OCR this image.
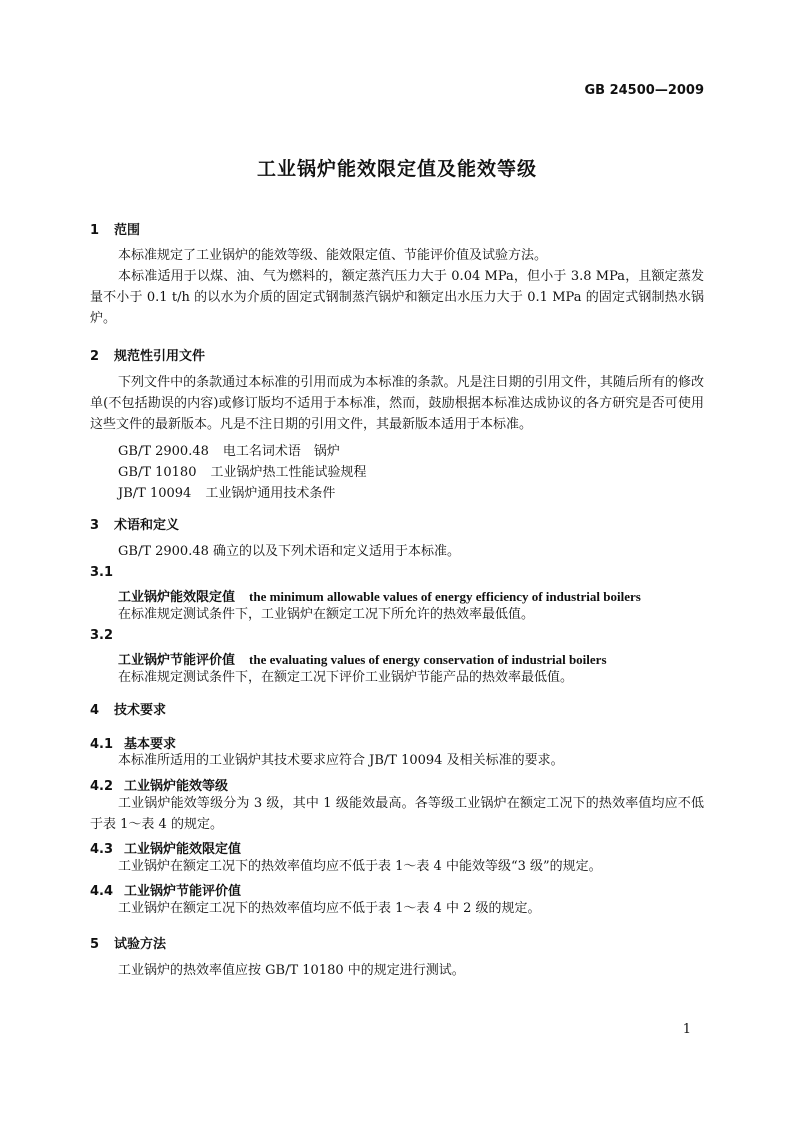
GB 24500—2009
工业锅炉能效限定值及能效等级
1 范围
本标准规定了工业锅炉的能效等级、能效限定值、节能评价值及试验方法。
本标准适用于以煤、油、气为燃料的，额定蒸汽压力大于 0.04 MPa，但小于 3.8 MPa，且额定蒸发量不小于 0.1 t/h 的以水为介质的固定式钢制蒸汽锅炉和额定出水压力大于 0.1 MPa 的固定式钢制热水锅炉。
2 规范性引用文件
下列文件中的条款通过本标准的引用而成为本标准的条款。凡是注日期的引用文件，其随后所有的修改单(不包括勘误的内容)或修订版均不适用于本标准，然而，鼓励根据本标准达成协议的各方研究是否可使用这些文件的最新版本。凡是不注日期的引用文件，其最新版本适用于本标准。
GB/T 2900.48 电工名词术语　锅炉
GB/T 10180 工业锅炉热工性能试验规程
JB/T 10094 工业锅炉通用技术条件
3 术语和定义
GB/T 2900.48 确立的以及下列术语和定义适用于本标准。
3.1
工业锅炉能效限定值 the minimum allowable values of energy efficiency of industrial boilers
在标准规定测试条件下，工业锅炉在额定工况下所允许的热效率最低值。
3.2
工业锅炉节能评价值 the evaluating values of energy conservation of industrial boilers
在标准规定测试条件下，在额定工况下评价工业锅炉节能产品的热效率最低值。
4 技术要求
4.1 基本要求
本标准所适用的工业锅炉其技术要求应符合 JB/T 10094 及相关标准的要求。
4.2 工业锅炉能效等级
工业锅炉能效等级分为 3 级，其中 1 级能效最高。各等级工业锅炉在额定工况下的热效率值均应不低于表 1～表 4 的规定。
4.3 工业锅炉能效限定值
工业锅炉在额定工况下的热效率值均应不低于表 1～表 4 中能效等级“3 级”的规定。
4.4 工业锅炉节能评价值
工业锅炉在额定工况下的热效率值均应不低于表 1～表 4 中 2 级的规定。
5 试验方法
工业锅炉的热效率值应按 GB/T 10180 中的规定进行测试。
1
